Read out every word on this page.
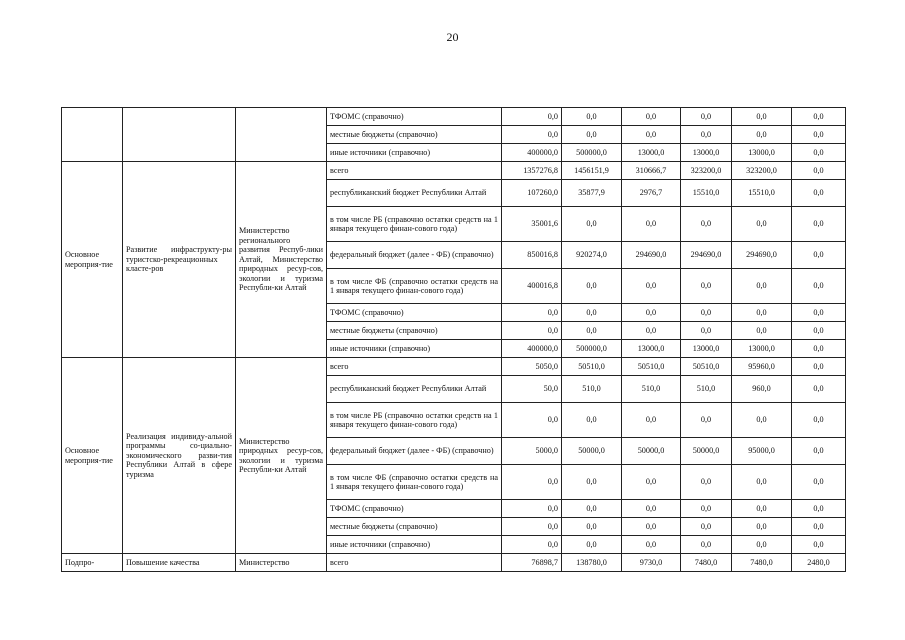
20
			ТФОМС (справочно)	0,0	0,0	0,0	0,0	0,0	0,0
			местные бюджеты (справочно)	0,0	0,0	0,0	0,0	0,0	0,0
			иные источники (справочно)	400000,0	500000,0	13000,0	13000,0	13000,0	0,0
Основное мероприя-тие	Развитие инфраструкту-ры туристско-рекреационных класте-ров	Министерство регионального развития Респуб-лики Алтай, Министерство природных ресур-сов, экологии и туризма Республи-ки Алтай	всего	1357276,8	1456151,9	310666,7	323200,0	323200,0	0,0
			республиканский бюджет Республики Алтай	107260,0	35877,9	2976,7	15510,0	15510,0	0,0
			в том числе РБ (справочно остатки средств на 1 января текущего финан-сового года)	35001,6	0,0	0,0	0,0	0,0	0,0
			федеральный бюджет (далее - ФБ) (справочно)	850016,8	920274,0	294690,0	294690,0	294690,0	0,0
			в том числе ФБ (справочно остатки средств на 1 января текущего финан-сового года)	400016,8	0,0	0,0	0,0	0,0	0,0
			ТФОМС (справочно)	0,0	0,0	0,0	0,0	0,0	0,0
			местные бюджеты (справочно)	0,0	0,0	0,0	0,0	0,0	0,0
			иные источники (справочно)	400000,0	500000,0	13000,0	13000,0	13000,0	0,0
Основное мероприя-тие	Реализация индивиду-альной программы со-циально-экономического разви-тия Республики Алтай в сфере туризма	Министерство природных ресур-сов, экологии и туризма Республи-ки Алтай	всего	5050,0	50510,0	50510,0	50510,0	95960,0	0,0
			республиканский бюджет Республики Алтай	50,0	510,0	510,0	510,0	960,0	0,0
			в том числе РБ (справочно остатки средств на 1 января текущего финан-сового года)	0,0	0,0	0,0	0,0	0,0	0,0
			федеральный бюджет (далее - ФБ) (справочно)	5000,0	50000,0	50000,0	50000,0	95000,0	0,0
			в том числе ФБ (справочно остатки средств на 1 января текущего финан-сового года)	0,0	0,0	0,0	0,0	0,0	0,0
			ТФОМС (справочно)	0,0	0,0	0,0	0,0	0,0	0,0
			местные бюджеты (справочно)	0,0	0,0	0,0	0,0	0,0	0,0
			иные источники (справочно)	0,0	0,0	0,0	0,0	0,0	0,0
Подпро-	Повышение качества	Министерство	всего	76898,7	138780,0	9730,0	7480,0	7480,0	2480,0
